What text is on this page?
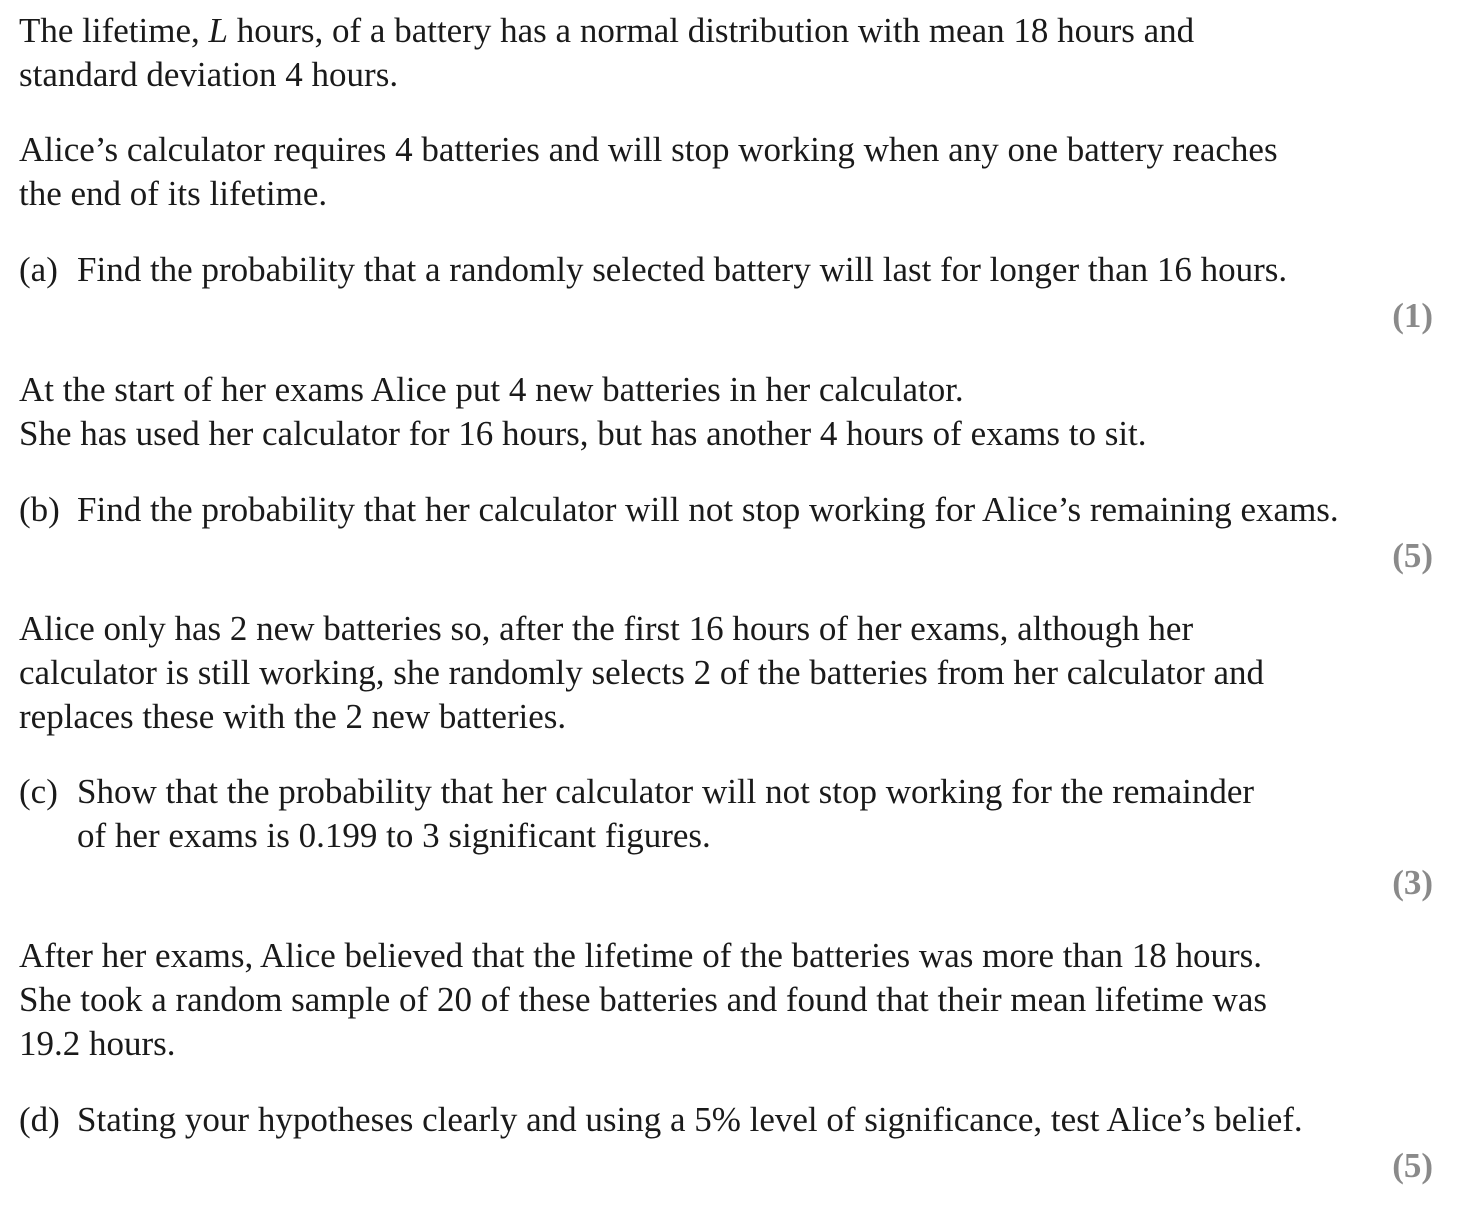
The lifetime, L hours, of a battery has a normal distribution with mean 18 hours and
standard deviation 4 hours.
Alice’s calculator requires 4 batteries and will stop working when any one battery reaches
the end of its lifetime.
(a) Find the probability that a randomly selected battery will last for longer than 16 hours.
(1)
At the start of her exams Alice put 4 new batteries in her calculator.
She has used her calculator for 16 hours, but has another 4 hours of exams to sit.
(b) Find the probability that her calculator will not stop working for Alice’s remaining exams.
(5)
Alice only has 2 new batteries so, after the first 16 hours of her exams, although her
calculator is still working, she randomly selects 2 of the batteries from her calculator and
replaces these with the 2 new batteries.
(c) Show that the probability that her calculator will not stop working for the remainder
of her exams is 0.199 to 3 significant figures.
(3)
After her exams, Alice believed that the lifetime of the batteries was more than 18 hours.
She took a random sample of 20 of these batteries and found that their mean lifetime was
19.2 hours.
(d) Stating your hypotheses clearly and using a 5% level of significance, test Alice’s belief.
(5)
